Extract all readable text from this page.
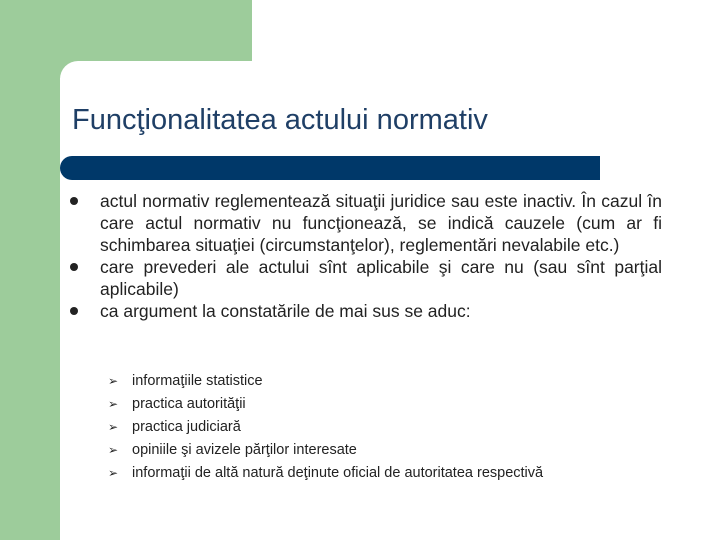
Funcţionalitatea actului normativ
actul normativ reglementează situaţii juridice sau este inactiv. În cazul în care actul normativ nu funcţionează, se indică cauzele (cum ar fi schimbarea situaţiei (circumstanţelor), reglementări nevalabile etc.)
care prevederi ale actului sînt aplicabile şi care nu (sau sînt parţial aplicabile)
ca argument la constatările de mai sus se aduc:
➢ informaţiile statistice
➢ practica autorităţii
➢ practica judiciară
➢ opiniile şi avizele părţilor interesate
➢ informaţii de altă natură deţinute oficial de autoritatea respectivă
